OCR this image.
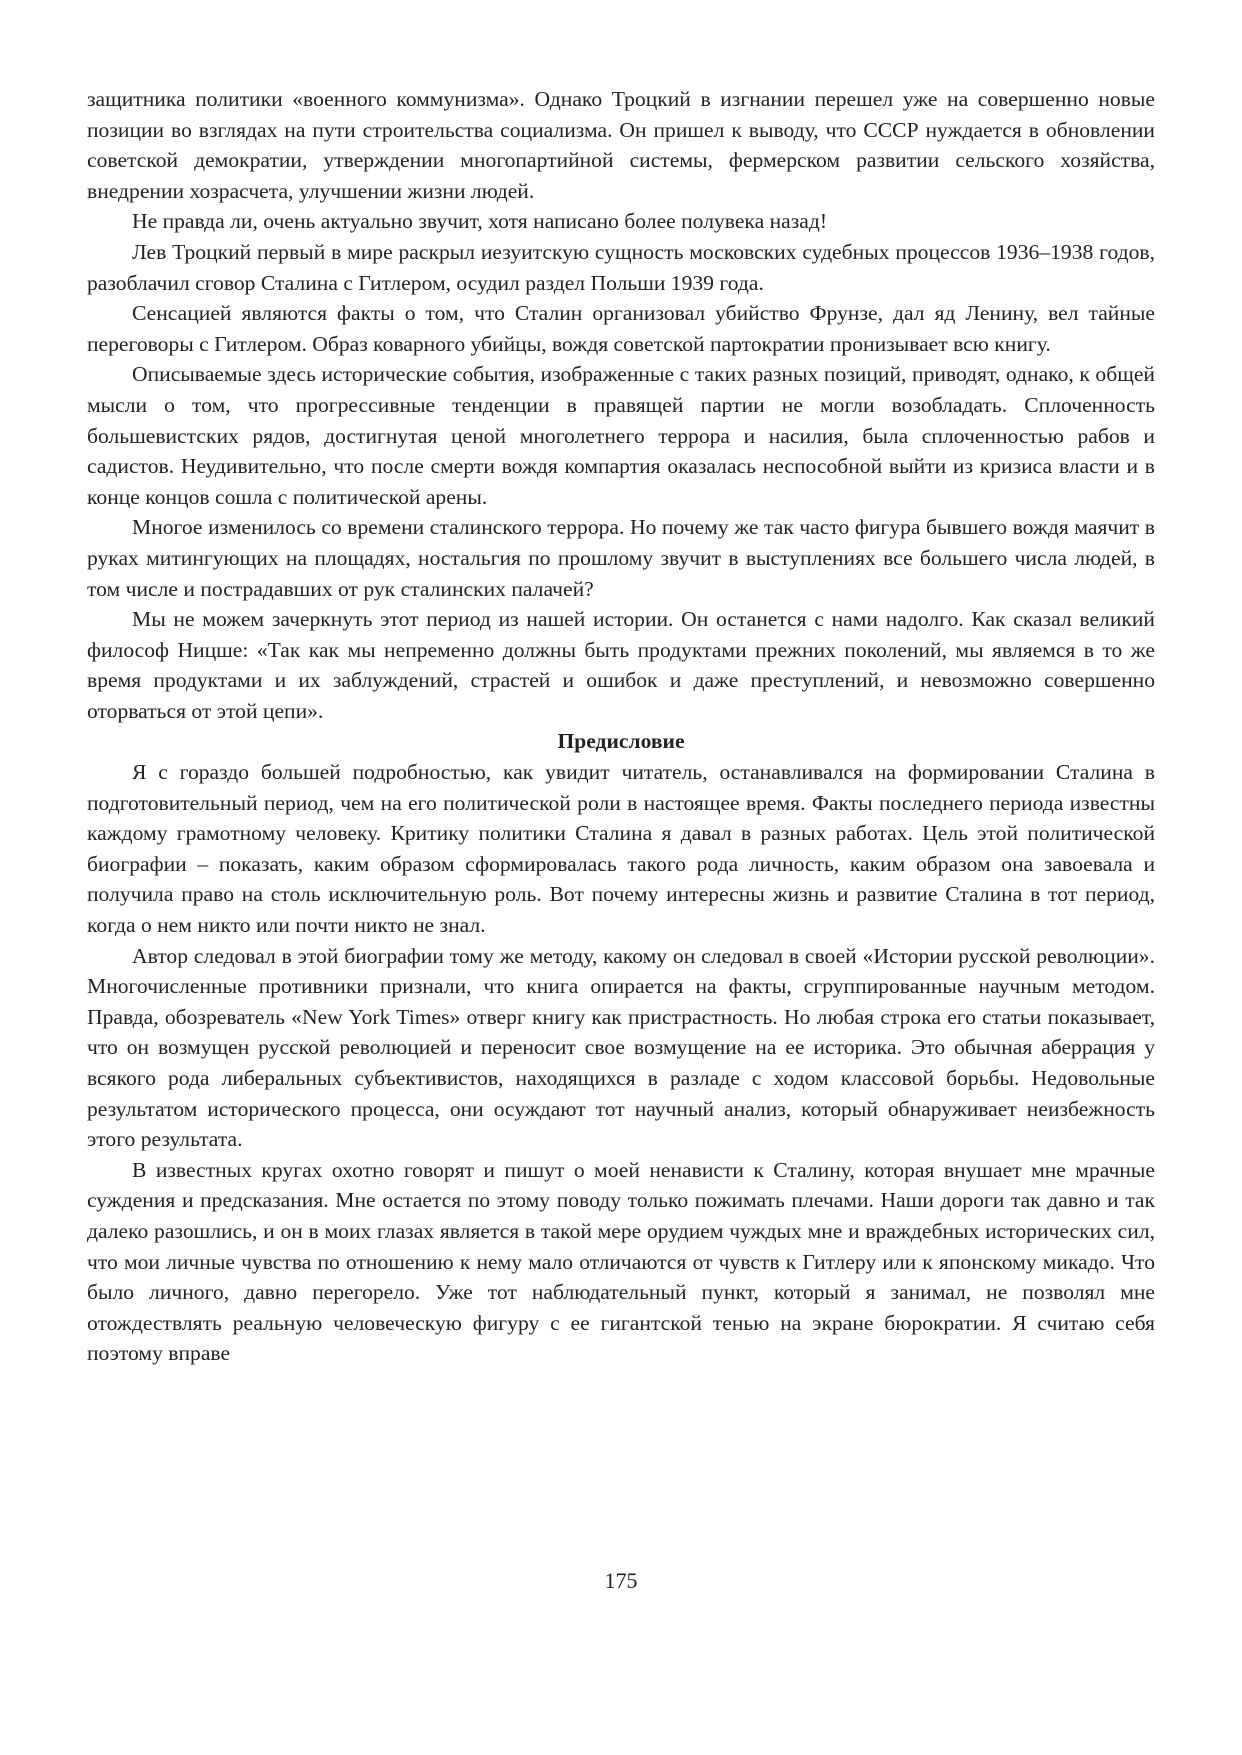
защитника политики «военного коммунизма». Однако Троцкий в изгнании перешел уже на совершенно новые позиции во взглядах на пути строительства социализма. Он пришел к выводу, что СССР нуждается в обновлении советской демократии, утверждении многопартийной системы, фермерском развитии сельского хозяйства, внедрении хозрасчета, улучшении жизни людей.

Не правда ли, очень актуально звучит, хотя написано более полувека назад!

Лев Троцкий первый в мире раскрыл иезуитскую сущность московских судебных процессов 1936–1938 годов, разоблачил сговор Сталина с Гитлером, осудил раздел Польши 1939 года.

Сенсацией являются факты о том, что Сталин организовал убийство Фрунзе, дал яд Ленину, вел тайные переговоры с Гитлером. Образ коварного убийцы, вождя советской партократии пронизывает всю книгу.

Описываемые здесь исторические события, изображенные с таких разных позиций, приводят, однако, к общей мысли о том, что прогрессивные тенденции в правящей партии не могли возобладать. Сплоченность большевистских рядов, достигнутая ценой многолетнего террора и насилия, была сплоченностью рабов и садистов. Неудивительно, что после смерти вождя компартия оказалась неспособной выйти из кризиса власти и в конце концов сошла с политической арены.

Многое изменилось со времени сталинского террора. Но почему же так часто фигура бывшего вождя маячит в руках митингующих на площадях, ностальгия по прошлому звучит в выступлениях все большего числа людей, в том числе и пострадавших от рук сталинских палачей?

Мы не можем зачеркнуть этот период из нашей истории. Он останется с нами надолго. Как сказал великий философ Ницше: «Так как мы непременно должны быть продуктами прежних поколений, мы являемся в то же время продуктами и их заблуждений, страстей и ошибок и даже преступлений, и невозможно совершенно оторваться от этой цепи».

Предисловие

Я с гораздо большей подробностью, как увидит читатель, останавливался на формировании Сталина в подготовительный период, чем на его политической роли в настоящее время. Факты последнего периода известны каждому грамотному человеку. Критику политики Сталина я давал в разных работах. Цель этой политической биографии – показать, каким образом сформировалась такого рода личность, каким образом она завоевала и получила право на столь исключительную роль. Вот почему интересны жизнь и развитие Сталина в тот период, когда о нем никто или почти никто не знал.

Автор следовал в этой биографии тому же методу, какому он следовал в своей «Истории русской революции». Многочисленные противники признали, что книга опирается на факты, сгруппированные научным методом. Правда, обозреватель «New York Times» отверг книгу как пристрастность. Но любая строка его статьи показывает, что он возмущен русской революцией и переносит свое возмущение на ее историка. Это обычная аберрация у всякого рода либеральных субъективистов, находящихся в разладе с ходом классовой борьбы. Недовольные результатом исторического процесса, они осуждают тот научный анализ, который обнаруживает неизбежность этого результата.

В известных кругах охотно говорят и пишут о моей ненависти к Сталину, которая внушает мне мрачные суждения и предсказания. Мне остается по этому поводу только пожимать плечами. Наши дороги так давно и так далеко разошлись, и он в моих глазах является в такой мере орудием чуждых мне и враждебных исторических сил, что мои личные чувства по отношению к нему мало отличаются от чувств к Гитлеру или к японскому микадо. Что было личного, давно перегорело. Уже тот наблюдательный пункт, который я занимал, не позволял мне отождествлять реальную человеческую фигуру с ее гигантской тенью на экране бюрократии. Я считаю себя поэтому вправе

175
